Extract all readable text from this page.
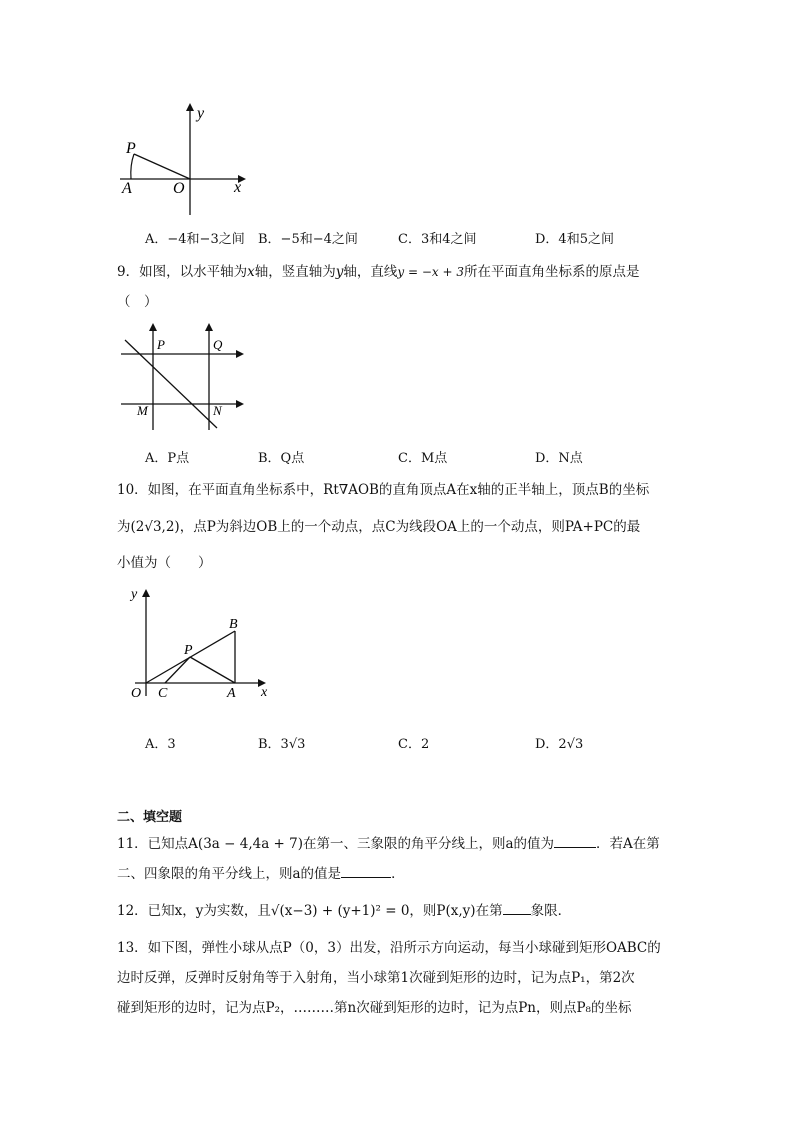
y
x
P
A	O
A．−4和−3之间 B．−5和−4之间	C．3和4之间	D．4和5之间
9．如图，以水平轴为x轴，竖直轴为y轴，直线y = −x + 3所在平面直角坐标系的原点是
（　）
P	Q
M	N
A．P点	B．Q点	C．M点	D．N点
10．如图，在平面直角坐标系中，Rt∇AOB的直角顶点A在x轴的正半轴上，顶点B的坐标
为(2√3,2)，点P为斜边OB上的一个动点，点C为线段OA上的一个动点，则PA+PC的最
小值为（　　）
y
x
O C	A
B
P
A．3	B．3√3	C．2	D．2√3
二、填空题
11．已知点A(3a − 4,4a + 7)在第一、三象限的角平分线上，则a的值为	．若A在第
二、四象限的角平分线上，则a的值是	．
12．已知x，y为实数，且√(x−3) + (y+1)² = 0，则P(x,y)在第 象限．
13．如下图，弹性小球从点P（0，3）出发，沿所示方向运动，每当小球碰到矩形OABC的
边时反弹，反弹时反射角等于入射角，当小球第1次碰到矩形的边时，记为点P₁，第2次
碰到矩形的边时，记为点P₂，………第n次碰到矩形的边时，记为点Pn，则点P₈的坐标
